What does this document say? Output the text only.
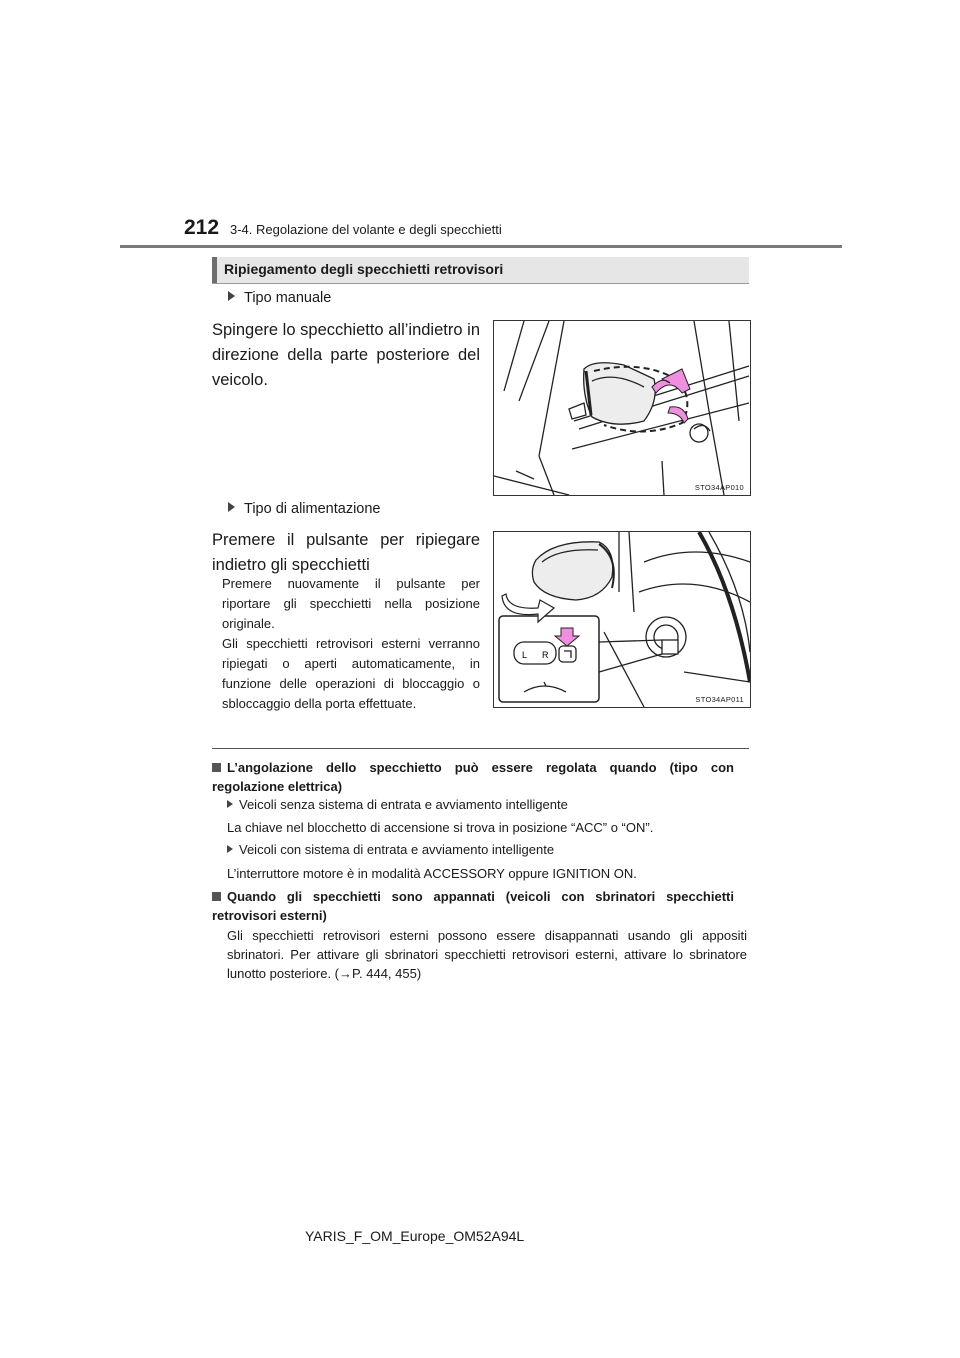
212 3-4. Regolazione del volante e degli specchietti
Ripiegamento degli specchietti retrovisori
Tipo manuale
Spingere lo specchietto all’indietro in direzione della parte posteriore del veicolo.
STO34AP010
Tipo di alimentazione
Premere il pulsante per ripiegare indietro gli specchietti
Premere nuovamente il pulsante per riportare gli specchietti nella posizione originale.
Gli specchietti retrovisori esterni verranno ripiegati o aperti automaticamente, in funzione delle operazioni di bloccaggio o sbloccaggio della porta effettuate.
L R
STO34AP011
L’angolazione dello specchietto può essere regolata quando (tipo con regolazione elettrica)
Veicoli senza sistema di entrata e avviamento intelligente
La chiave nel blocchetto di accensione si trova in posizione “ACC” o “ON”.
Veicoli con sistema di entrata e avviamento intelligente
L’interruttore motore è in modalità ACCESSORY oppure IGNITION ON.
Quando gli specchietti sono appannati (veicoli con sbrinatori specchietti retrovisori esterni)
Gli specchietti retrovisori esterni possono essere disappannati usando gli appositi sbrinatori. Per attivare gli sbrinatori specchietti retrovisori esterni, attivare lo sbrinatore lunotto posteriore. (→P. 444, 455)
YARIS_F_OM_Europe_OM52A94L
